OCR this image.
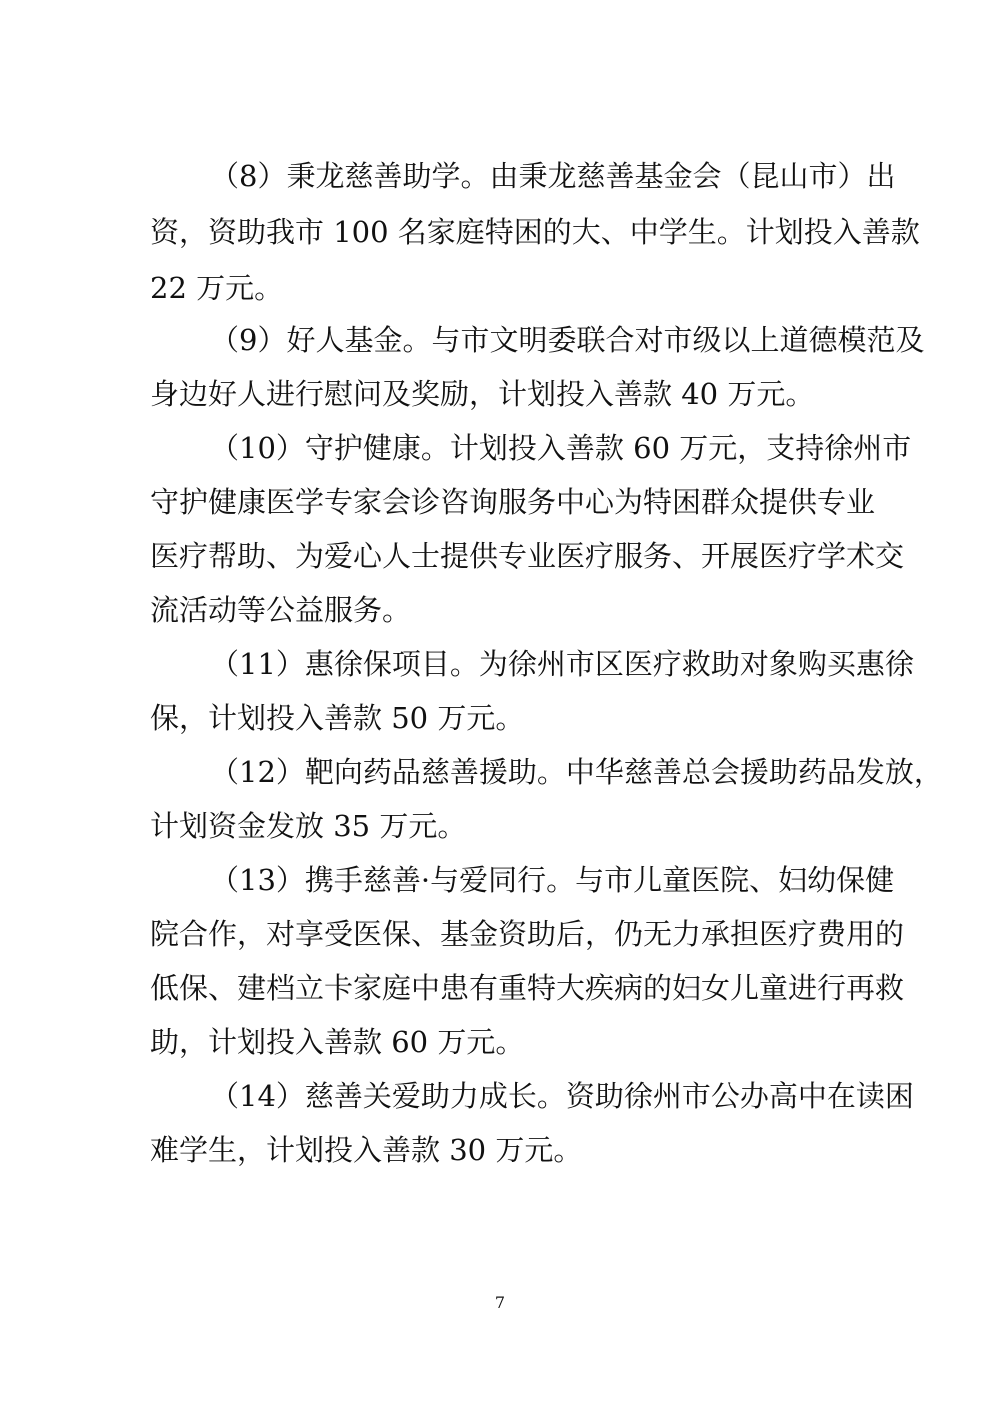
（8）秉龙慈善助学。由秉龙慈善基金会（昆山市）出
资，资助我市 100 名家庭特困的大、中学生。计划投入善款
22 万元。
（9）好人基金。与市文明委联合对市级以上道德模范及
身边好人进行慰问及奖励，计划投入善款 40 万元。
（10）守护健康。计划投入善款 60 万元，支持徐州市
守护健康医学专家会诊咨询服务中心为特困群众提供专业
医疗帮助、为爱心人士提供专业医疗服务、开展医疗学术交
流活动等公益服务。
（11）惠徐保项目。为徐州市区医疗救助对象购买惠徐
保，计划投入善款 50 万元。
（12）靶向药品慈善援助。中华慈善总会援助药品发放，
计划资金发放 35 万元。
（13）携手慈善·与爱同行。与市儿童医院、妇幼保健
院合作，对享受医保、基金资助后，仍无力承担医疗费用的
低保、建档立卡家庭中患有重特大疾病的妇女儿童进行再救
助，计划投入善款 60 万元。
（14）慈善关爱助力成长。资助徐州市公办高中在读困
难学生，计划投入善款 30 万元。
7
